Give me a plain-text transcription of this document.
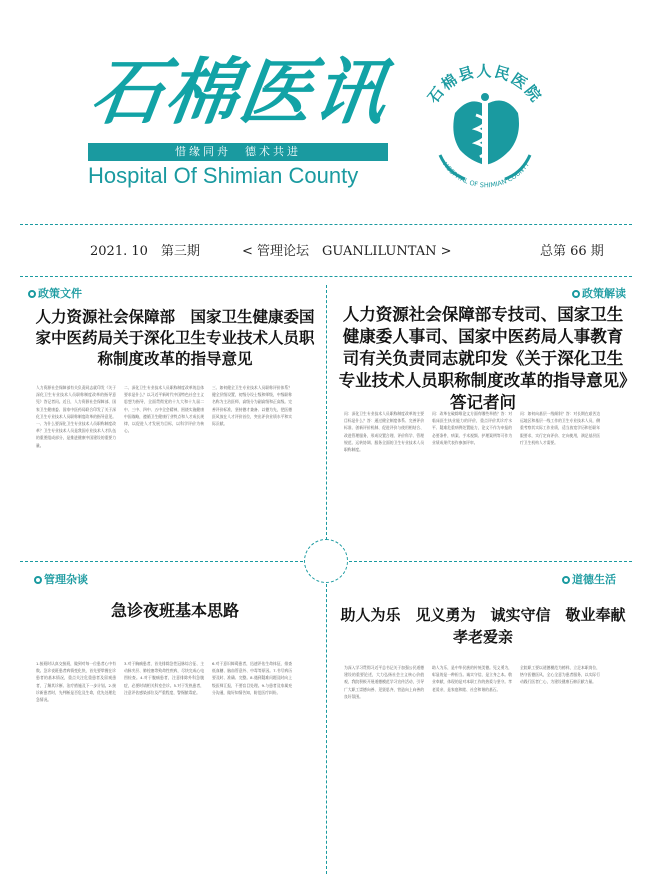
石棉医讯
惜缘同舟　德术共进
Hospital Of Shimian County
石棉县人民医院
HOSPITAL OF SHIMIAN COUNTY
2021. 10　第三期	< 管理论坛　GUANLILUNTAN >	总第 66 期
政策文件
人力资源社会保障部　国家卫生健康委国家中医药局关于深化卫生专业技术人员职称制度改革的指导意见
人力资源社会保障部有关负责同志就印发《关于深化卫生专业技术人员职称制度改革的指导意见》答记者问。近日，人力资源社会保障部、国家卫生健康委、国家中医药局联合印发了关于深化卫生专业技术人员职称制度改革的指导意见。一、为什么要深化卫生专业技术人员职称制度改革？卫生专业技术人员是我国专业技术人才队伍的重要组成部分，是推进健康中国建设的重要力量。
二、深化卫生专业技术人员职称制度改革的总体要求是什么？以习近平新时代中国特色社会主义思想为指导，全面贯彻党的十九大和十九届二中、三中、四中、五中全会精神，围绕实施健康中国战略，遵循卫生健康行业特点和人才成长规律，以促进人才发展为目标，以科学评价为核心。
三、如何健全卫生专业技术人员职称评价体系？健全层级设置，初级分设士级和师级，中级职称名称为主治医师，高级分为副高级和正高级。完善评价标准，坚持德才兼备、以德为先，把医德医风放在人才评价首位，突出评价业绩水平和实际贡献。
政策解读
人力资源社会保障部专技司、国家卫生健康委人事司、国家中医药局人事教育司有关负责同志就印发《关于深化卫生专业技术人员职称制度改革的指导意见》答记者问
问：深化卫生专业技术人员职称制度改革的主要目标是什么？答：通过健全制度体系、完善评价标准、创新评价机制、促进评价与使用相结合、改进管理服务，形成设置合理、评价科学、管理规范、运转协调、服务全面的卫生专业技术人员职称制度。
问：改革在破除唯论文方面有哪些举措？答：对临床医生执业能力的评价，重点评价其诊疗水平、疑难危重病例处置能力，论文不作为申报的必要条件，病案、手术视频、护理案例等可作为业绩成果代表作参加评审。
问：如何向基层一线倾斜？答：对长期在艰苦边远地区和基层一线工作的卫生专业技术人员，侧重考察其实际工作业绩，适当放宽学历和任职年限要求，实行定向评价、定向使用，满足基层医疗卫生机构人才需要。
管理杂谈
急诊夜班基本思路
1.接班时认真交接班，做到对每一位患者心中有数。急诊夜班患者病情变化快，首先要掌握在诊患者的基本情况，重点关注危重患者及留观患者，了解其诊断、治疗措施及下一步计划。2.接诊新患者时，先判断是否危及生命，优先处理危急情况。
3.对于胸痛患者，首先排除急性冠脉综合征、主动脉夹层、肺栓塞等致命性疾病，尽快完成心电图检查。4.对于腹痛患者，注意排除外科急腹症，必要时请相关科室会诊。5.对于发热患者，注意评估感染部位及严重程度，警惕脓毒症。
6.对于意识障碍患者，迅速评估生命体征，排查低血糖、脑血管意外、中毒等原因。7.书写病历要及时、准确、完整。8.遇到疑难问题及时向上级医师汇报，不要盲目处理。9.与患者及家属充分沟通，做好知情告知，防范医疗纠纷。
道德生活
助人为乐　见义勇为　诚实守信　敬业奉献　孝老爱亲
为深入学习贯彻习近平总书记关于加强公民道德建设的重要论述，大力弘扬社会主义核心价值观，我院积极开展道德模范学习宣传活动，引导广大职工崇德向善、见贤思齐，营造向上向善的良好氛围。
助人为乐，是中华民族的传统美德。见义勇为，彰显的是一种担当。诚实守信，是立身之本。敬业奉献，体现的是对本职工作的热爱与坚守。孝老爱亲，是家庭和睦、社会和谐的基石。
全院职工要以道德模范为榜样，立足本职岗位，恪守医德医风，全心全意为患者服务，以实际行动践行医者仁心，为建设健康石棉贡献力量。
